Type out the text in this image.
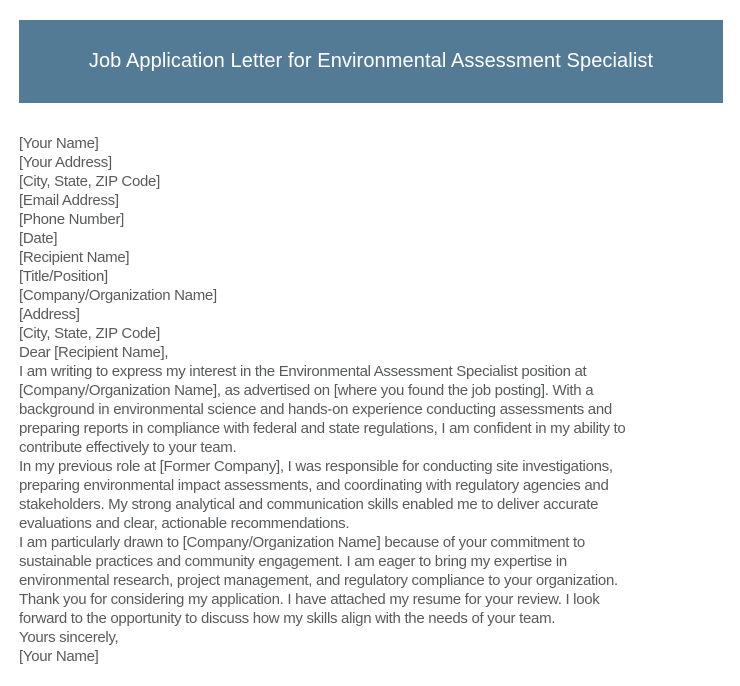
Job Application Letter for Environmental Assessment Specialist
[Your Name]
[Your Address]
[City, State, ZIP Code]
[Email Address]
[Phone Number]
[Date]
[Recipient Name]
[Title/Position]
[Company/Organization Name]
[Address]
[City, State, ZIP Code]
Dear [Recipient Name],
I am writing to express my interest in the Environmental Assessment Specialist position at
[Company/Organization Name], as advertised on [where you found the job posting]. With a
background in environmental science and hands-on experience conducting assessments and
preparing reports in compliance with federal and state regulations, I am confident in my ability to
contribute effectively to your team.
In my previous role at [Former Company], I was responsible for conducting site investigations,
preparing environmental impact assessments, and coordinating with regulatory agencies and
stakeholders. My strong analytical and communication skills enabled me to deliver accurate
evaluations and clear, actionable recommendations.
I am particularly drawn to [Company/Organization Name] because of your commitment to
sustainable practices and community engagement. I am eager to bring my expertise in
environmental research, project management, and regulatory compliance to your organization.
Thank you for considering my application. I have attached my resume for your review. I look
forward to the opportunity to discuss how my skills align with the needs of your team.
Yours sincerely,
[Your Name]
